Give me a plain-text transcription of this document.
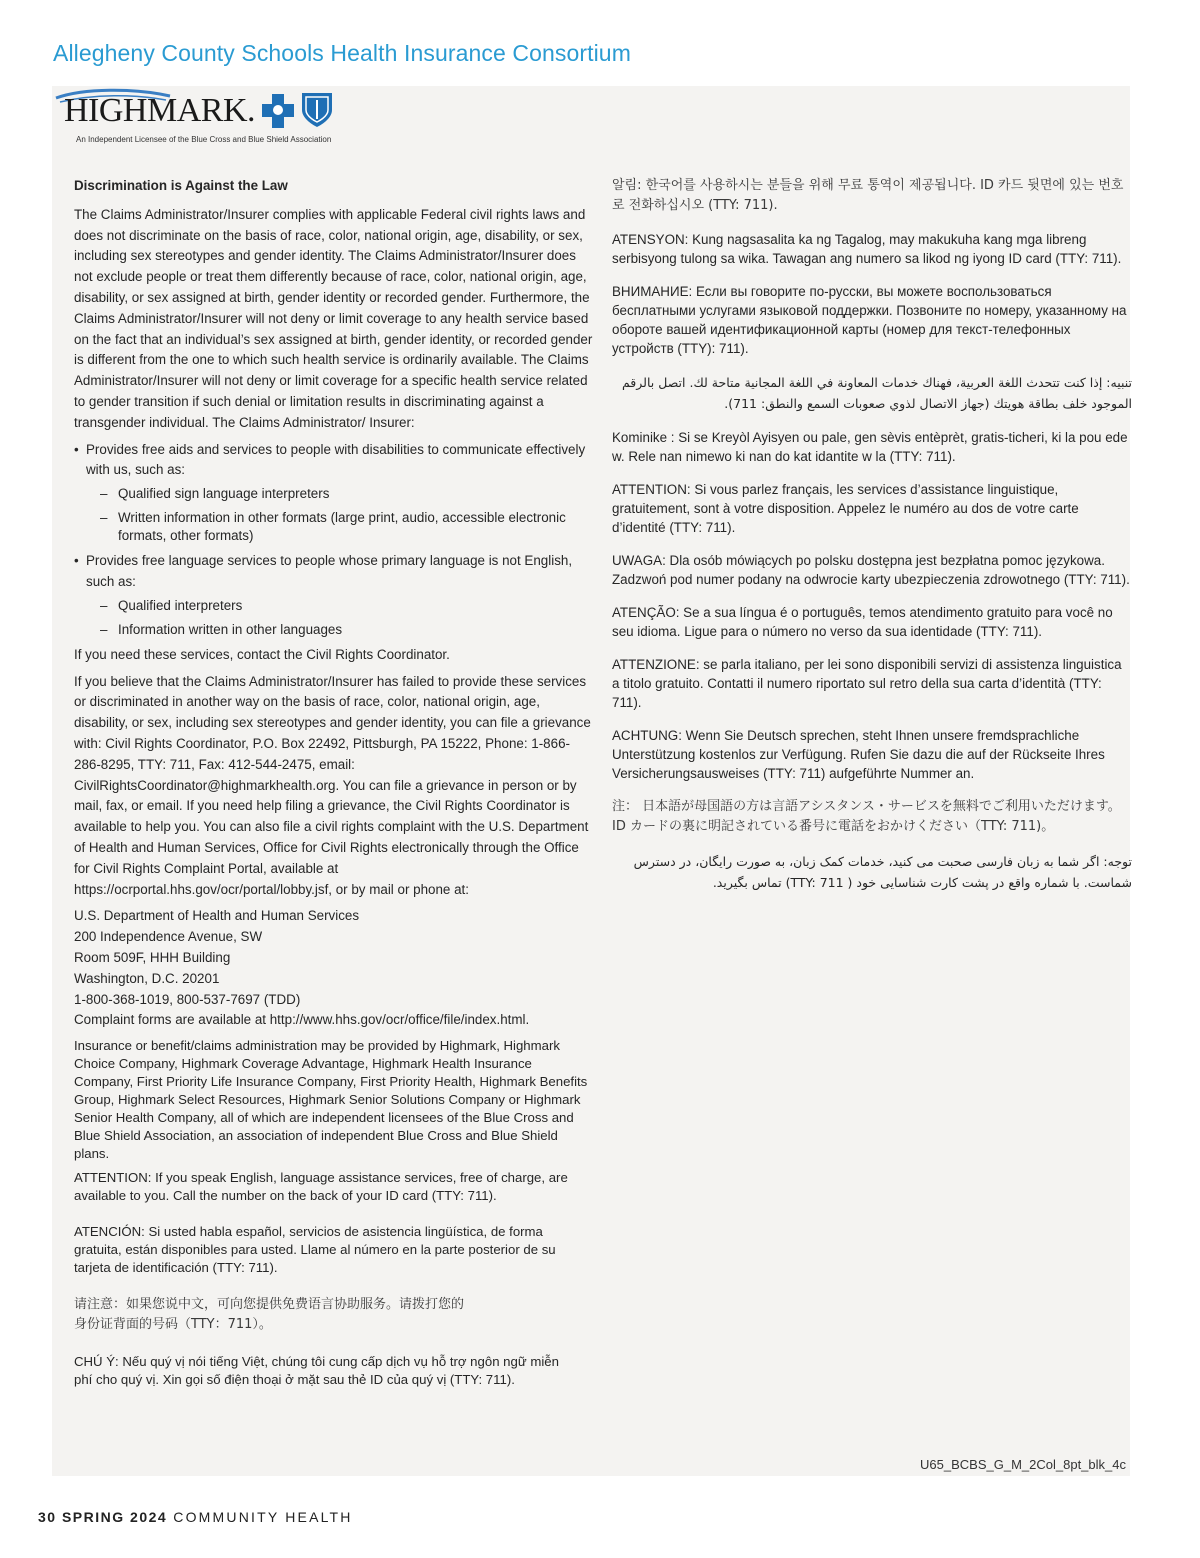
Allegheny County Schools Health Insurance Consortium
HIGHMARK.
An Independent Licensee of the Blue Cross and Blue Shield Association

Discrimination is Against the Law

The Claims Administrator/Insurer complies with applicable Federal civil rights laws and does not discriminate on the basis of race, color, national origin, age, disability, or sex, including sex stereotypes and gender identity. The Claims Administrator/Insurer does not exclude people or treat them differently because of race, color, national origin, age, disability, or sex assigned at birth, gender identity or recorded gender. Furthermore, the Claims Administrator/Insurer will not deny or limit coverage to any health service based on the fact that an individual’s sex assigned at birth, gender identity, or recorded gender is different from the one to which such health service is ordinarily available. The Claims Administrator/Insurer will not deny or limit coverage for a specific health service related to gender transition if such denial or limitation results in discriminating against a transgender individual. The Claims Administrator/ Insurer:

• Provides free aids and services to people with disabilities to communicate effectively with us, such as:
– Qualified sign language interpreters
– Written information in other formats (large print, audio, accessible electronic formats, other formats)
• Provides free language services to people whose primary language is not English, such as:
– Qualified interpreters
– Information written in other languages

If you need these services, contact the Civil Rights Coordinator.

If you believe that the Claims Administrator/Insurer has failed to provide these services or discriminated in another way on the basis of race, color, national origin, age, disability, or sex, including sex stereotypes and gender identity, you can file a grievance with: Civil Rights Coordinator, P.O. Box 22492, Pittsburgh, PA 15222, Phone: 1-866-286-8295, TTY: 711, Fax: 412-544-2475, email: CivilRightsCoordinator@highmarkhealth.org. You can file a grievance in person or by mail, fax, or email. If you need help filing a grievance, the Civil Rights Coordinator is available to help you. You can also file a civil rights complaint with the U.S. Department of Health and Human Services, Office for Civil Rights electronically through the Office for Civil Rights Complaint Portal, available at https://ocrportal.hhs.gov/ocr/portal/lobby.jsf, or by mail or phone at:

U.S. Department of Health and Human Services

200 Independence Avenue, SW

Room 509F, HHH Building

Washington, D.C. 20201

1-800-368-1019, 800-537-7697 (TDD)

Complaint forms are available at http://www.hhs.gov/ocr/office/file/index.html.

Insurance or benefit/claims administration may be provided by Highmark, Highmark Choice Company, Highmark Coverage Advantage, Highmark Health Insurance Company, First Priority Life Insurance Company, First Priority Health, Highmark Benefits Group, Highmark Select Resources, Highmark Senior Solutions Company or Highmark Senior Health Company, all of which are independent licensees of the Blue Cross and Blue Shield Association, an association of independent Blue Cross and Blue Shield plans.

ATTENTION: If you speak English, language assistance services, free of charge, are available to you. Call the number on the back of your ID card (TTY: 711).

ATENCIÓN: Si usted habla español, servicios de asistencia lingüística, de forma gratuita, están disponibles para usted. Llame al número en la parte posterior de su tarjeta de identificación (TTY: 711).

请注意：如果您说中文，可向您提供免费语言协助服务。请拨打您的身份证背面的号码（TTY：711）。

CHÚ Ý: Nếu quý vị nói tiếng Việt, chúng tôi cung cấp dịch vụ hỗ trợ ngôn ngữ miễn phí cho quý vị. Xin gọi số điện thoại ở mặt sau thẻ ID của quý vị (TTY: 711).

알림: 한국어를 사용하시는 분들을 위해 무료 통역이 제공됩니다. ID 카드 뒷면에 있는 번호로 전화하십시오 (TTY: 711).

ATENSYON: Kung nagsasalita ka ng Tagalog, may makukuha kang mga libreng serbisyong tulong sa wika. Tawagan ang numero sa likod ng iyong ID card (TTY: 711).

ВНИМАНИЕ: Если вы говорите по-русски, вы можете воспользоваться бесплатными услугами языковой поддержки. Позвоните по номеру, указанному на обороте вашей идентификационной карты (номер для текст-телефонных устройств (TTY): 711).

تنبيه: إذا كنت تتحدث اللغة العربية، فهناك خدمات المعاونة في اللغة المجانية متاحة لك. اتصل بالرقم الموجود خلف بطاقة هويتك (جهاز الاتصال لذوي صعوبات السمع والنطق: 711).

Kominike : Si se Kreyòl Ayisyen ou pale, gen sèvis entèprèt, gratis-ticheri, ki la pou ede w. Rele nan nimewo ki nan do kat idantite w la (TTY: 711).

ATTENTION: Si vous parlez français, les services d’assistance linguistique, gratuitement, sont à votre disposition. Appelez le numéro au dos de votre carte d’identité (TTY: 711).

UWAGA: Dla osób mówiących po polsku dostępna jest bezpłatna pomoc językowa. Zadzwoń pod numer podany na odwrocie karty ubezpieczenia zdrowotnego (TTY: 711).

ATENÇÃO: Se a sua língua é o português, temos atendimento gratuito para você no seu idioma. Ligue para o número no verso da sua identidade (TTY: 711).

ATTENZIONE: se parla italiano, per lei sono disponibili servizi di assistenza linguistica a titolo gratuito. Contatti il numero riportato sul retro della sua carta d’identità (TTY: 711).

ACHTUNG: Wenn Sie Deutsch sprechen, steht Ihnen unsere fremdsprachliche Unterstützung kostenlos zur Verfügung. Rufen Sie dazu die auf der Rückseite Ihres Versicherungsausweises (TTY: 711) aufgeführte Nummer an.

注： 日本語が母国語の方は言語アシスタンス・サービスを無料でご利用いただけます。ID カードの裏に明記されている番号に電話をおかけください（TTY: 711)。

توجه: اگر شما به زبان فارسی صحبت می کنید، خدمات کمک زبان، به صورت رایگان، در دسترس شماست. با شماره واقع در پشت کارت شناسایی خود ( TTY: 711) تماس بگیرید.

U65_BCBS_G_M_2Col_8pt_blk_4c
30 SPRING 2024 COMMUNITY HEALTH
